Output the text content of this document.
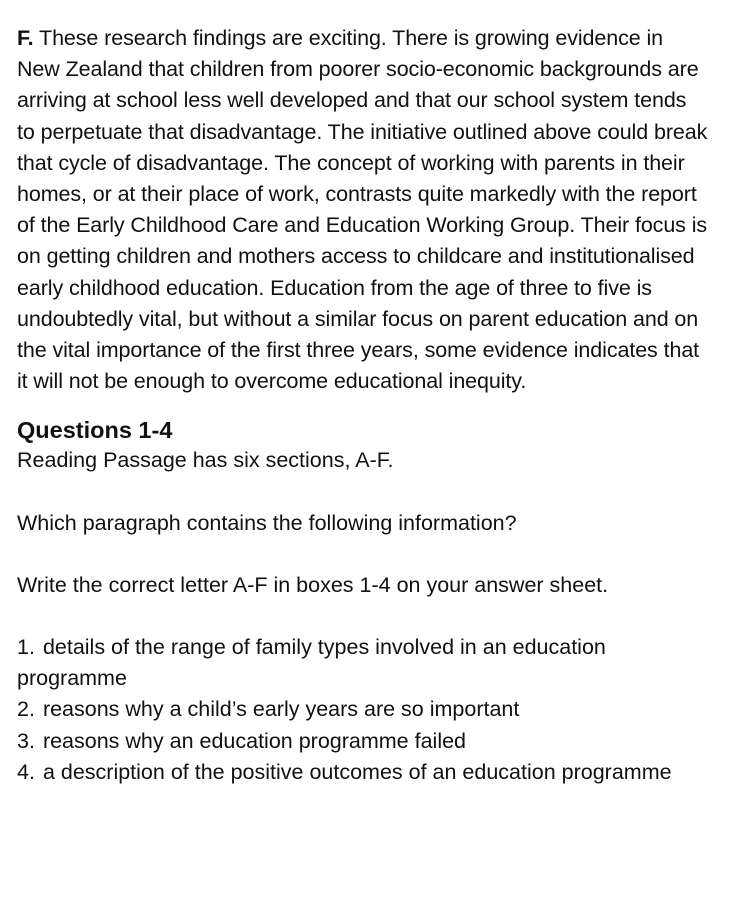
F. These research findings are exciting. There is growing evidence in New Zealand that children from poorer socio-economic backgrounds are arriving at school less well developed and that our school system tends to perpetuate that disadvantage. The initiative outlined above could break that cycle of disadvantage. The concept of working with parents in their homes, or at their place of work, contrasts quite markedly with the report of the Early Childhood Care and Education Working Group. Their focus is on getting children and mothers access to childcare and institutionalised early childhood education. Education from the age of three to five is undoubtedly vital, but without a similar focus on parent education and on the vital importance of the first three years, some evidence indicates that it will not be enough to overcome educational inequity.

Questions 1-4

Reading Passage has six sections, A-F.

Which paragraph contains the following information?

Write the correct letter A-F in boxes 1-4 on your answer sheet.

1. details of the range of family types involved in an education programme
2. reasons why a child’s early years are so important
3. reasons why an education programme failed
4. a description of the positive outcomes of an education programme
